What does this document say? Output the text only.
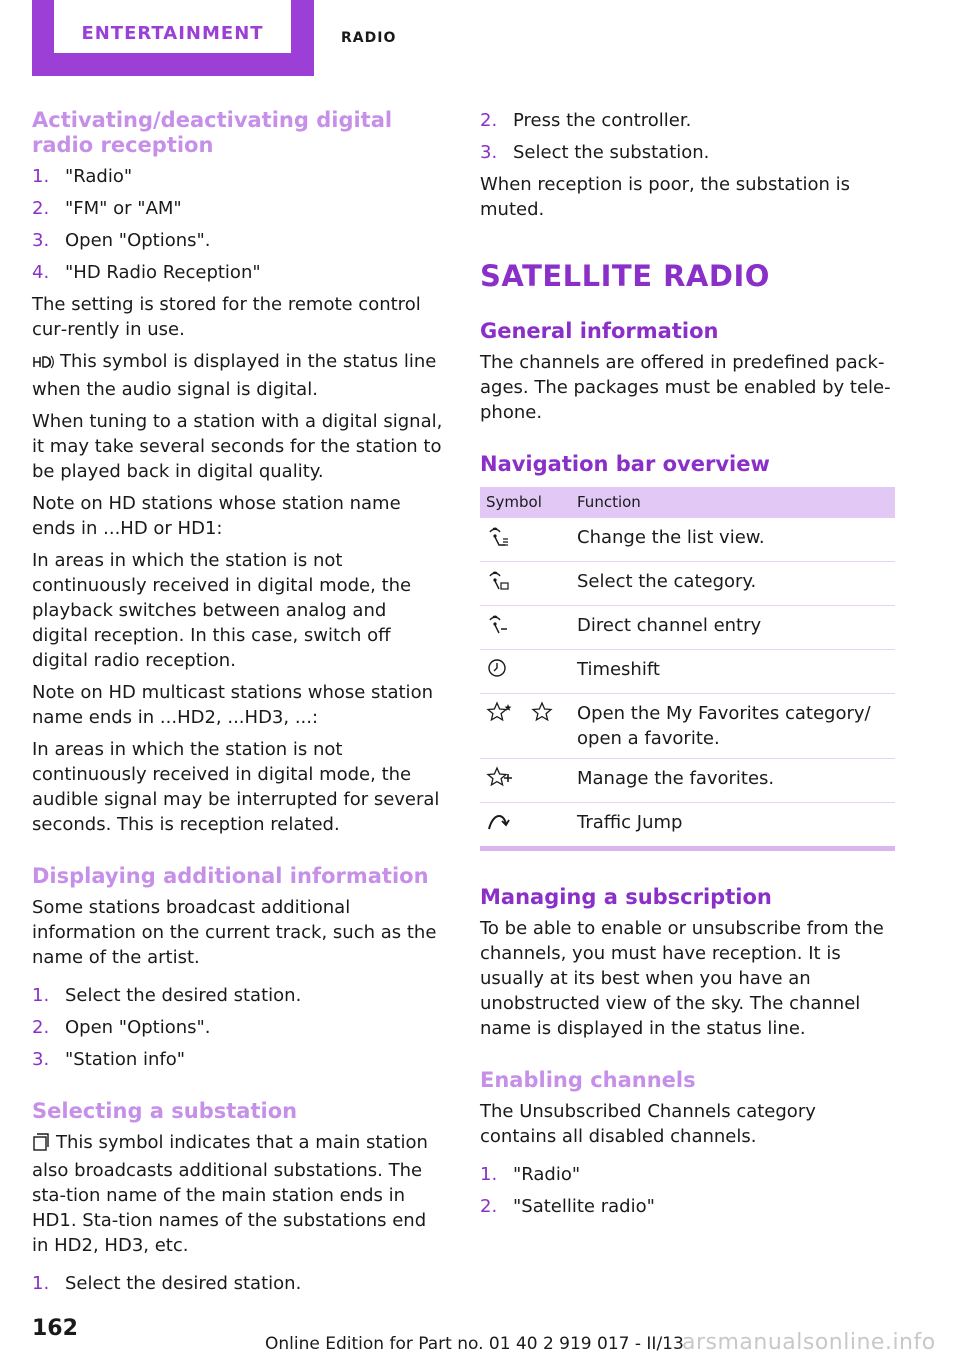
ENTERTAINMENT	RADIO
Activating/deactivating digital radio reception
1. "Radio"
2. "FM" or "AM"
3. Open "Options".
4. "HD Radio Reception"

The setting is stored for the remote control cur‐rently in use.

This symbol is displayed in the status line when the audio signal is digital.

When tuning to a station with a digital signal, it may take several seconds for the station to be played back in digital quality.

Note on HD stations whose station name ends in ...HD or HD1:

In areas in which the station is not continuously received in digital mode, the playback switches between analog and digital reception. In this case, switch off digital radio reception.

Note on HD multicast stations whose station name ends in ...HD2, ...HD3, ...:

In areas in which the station is not continuously received in digital mode, the audible signal may be interrupted for several seconds. This is reception related.

Displaying additional information

Some stations broadcast additional information on the current track, such as the name of the artist.

1. Select the desired station.
2. Open "Options".
3. "Station info"
Selecting a substation

This symbol indicates that a main station also broadcasts additional substations. The sta‐tion name of the main station ends in HD1. Sta‐tion names of the substations end in HD2, HD3, etc.

1. Select the desired station.
2. Press the controller.
3. Select the substation.

When reception is poor, the substation is muted.

SATELLITE RADIO
General information

The channels are offered in predefined pack‐ages. The packages must be enabled by tele‐phone.

Navigation bar overview
Symbol	Function
	Change the list view.
	Select the category.
	Direct channel entry
	Timeshift
	Open the My Favorites category/ open a favorite.
	Manage the favorites.
	Traffic Jump
Managing a subscription

To be able to enable or unsubscribe from the channels, you must have reception. It is usually at its best when you have an unobstructed view of the sky. The channel name is displayed in the status line.

Enabling channels

The Unsubscribed Channels category contains all disabled channels.

1. "Radio"
2. "Satellite radio"
162
Online Edition for Part no. 01 40 2 919 017 - II/13
arsmanualsonline.info
